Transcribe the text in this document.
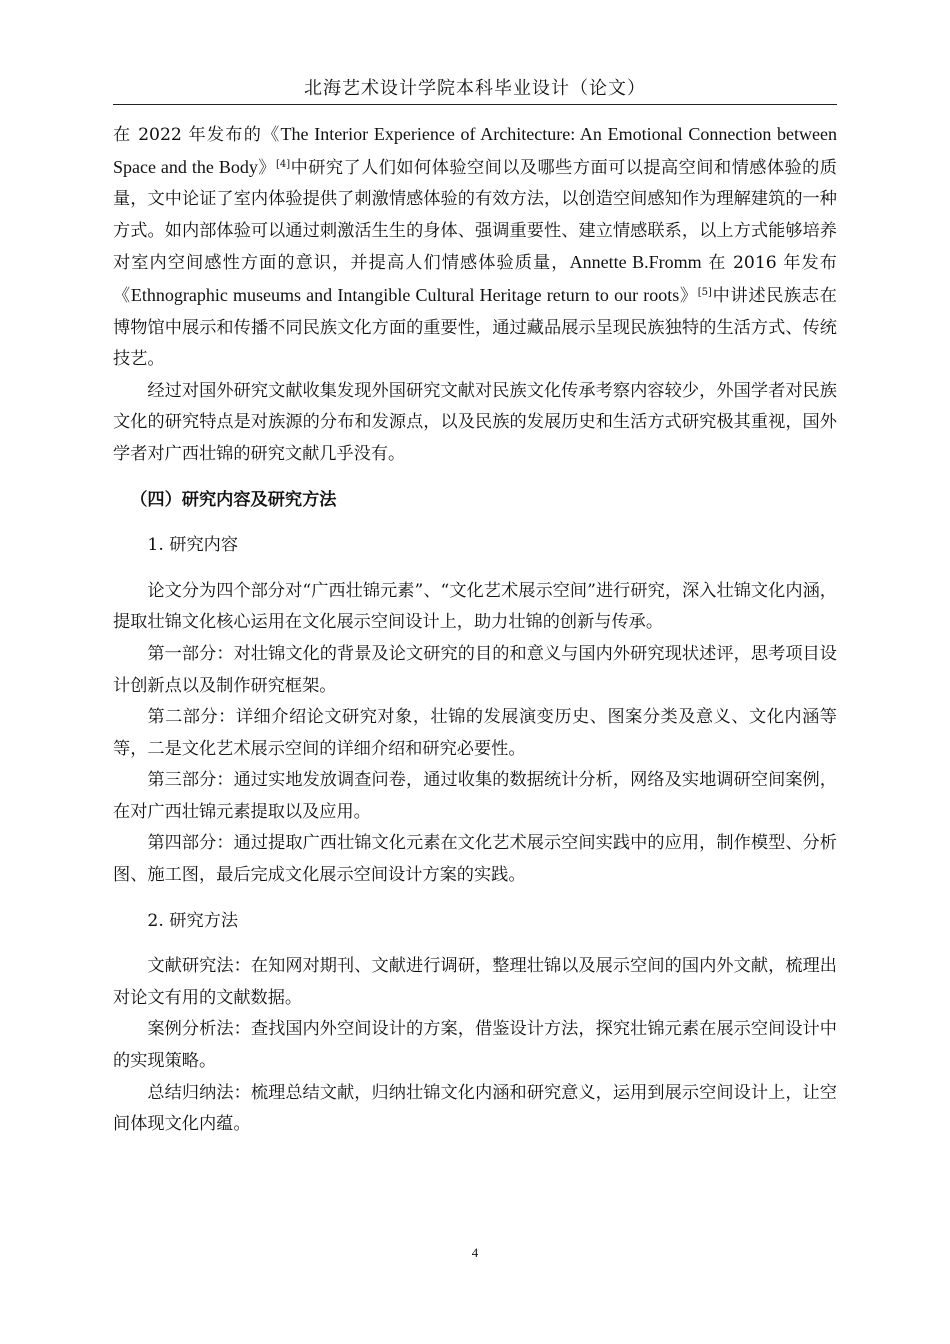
北海艺术设计学院本科毕业设计（论文）

在 2022 年发布的《The Interior Experience of Architecture: An Emotional Connection between Space and the Body》[4]中研究了人们如何体验空间以及哪些方面可以提高空间和情感体验的质量，文中论证了室内体验提供了刺激情感体验的有效方法，以创造空间感知作为理解建筑的一种方式。如内部体验可以通过刺激活生生的身体、强调重要性、建立情感联系，以上方式能够培养对室内空间感性方面的意识，并提高人们情感体验质量，Annette B.Fromm 在 2016 年发布《Ethnographic museums and Intangible Cultural Heritage return to our roots》[5]中讲述民族志在博物馆中展示和传播不同民族文化方面的重要性，通过藏品展示呈现民族独特的生活方式、传统技艺。

经过对国外研究文献收集发现外国研究文献对民族文化传承考察内容较少，外国学者对民族文化的研究特点是对族源的分布和发源点，以及民族的发展历史和生活方式研究极其重视，国外学者对广西壮锦的研究文献几乎没有。

（四）研究内容及研究方法

1. 研究内容

论文分为四个部分对“广西壮锦元素”、“文化艺术展示空间”进行研究，深入壮锦文化内涵，提取壮锦文化核心运用在文化展示空间设计上，助力壮锦的创新与传承。

第一部分：对壮锦文化的背景及论文研究的目的和意义与国内外研究现状述评，思考项目设计创新点以及制作研究框架。

第二部分：详细介绍论文研究对象，壮锦的发展演变历史、图案分类及意义、文化内涵等等，二是文化艺术展示空间的详细介绍和研究必要性。

第三部分：通过实地发放调查问卷，通过收集的数据统计分析，网络及实地调研空间案例，在对广西壮锦元素提取以及应用。

第四部分：通过提取广西壮锦文化元素在文化艺术展示空间实践中的应用，制作模型、分析图、施工图，最后完成文化展示空间设计方案的实践。

2. 研究方法

文献研究法：在知网对期刊、文献进行调研，整理壮锦以及展示空间的国内外文献，梳理出对论文有用的文献数据。

案例分析法：查找国内外空间设计的方案，借鉴设计方法，探究壮锦元素在展示空间设计中的实现策略。

总结归纳法：梳理总结文献，归纳壮锦文化内涵和研究意义，运用到展示空间设计上，让空间体现文化内蕴。

4
